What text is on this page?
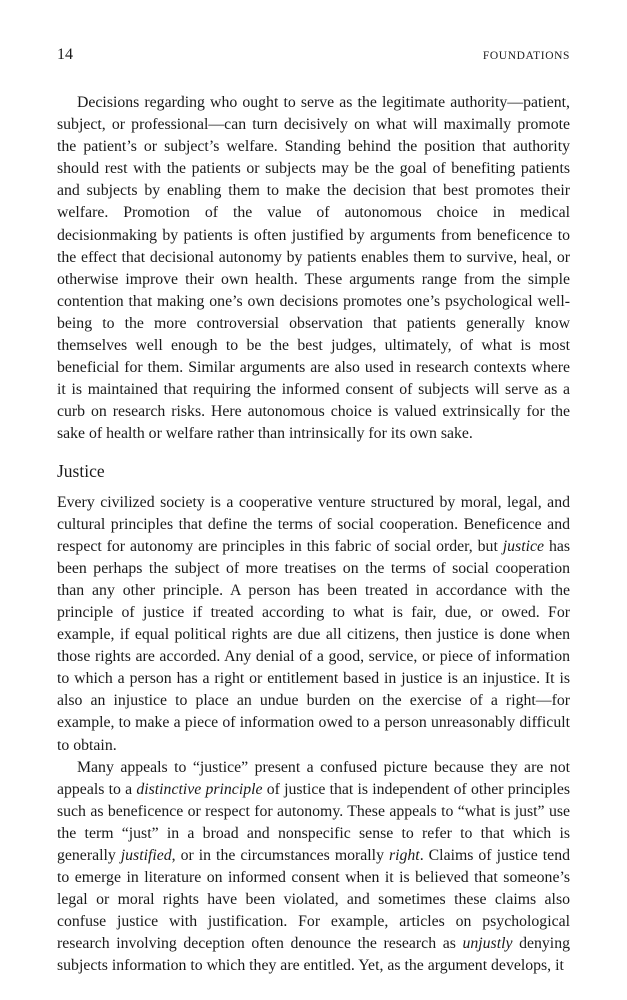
14	FOUNDATIONS

Decisions regarding who ought to serve as the legitimate authority—patient, subject, or professional—can turn decisively on what will maximally promote the patient’s or subject’s welfare. Standing behind the position that authority should rest with the patients or subjects may be the goal of benefiting patients and subjects by enabling them to make the decision that best promotes their welfare. Promotion of the value of autonomous choice in medical decisionmaking by patients is often justified by arguments from beneficence to the effect that decisional autonomy by patients enables them to survive, heal, or otherwise improve their own health. These arguments range from the simple contention that making one’s own decisions promotes one’s psychological well-being to the more controversial observation that patients generally know themselves well enough to be the best judges, ultimately, of what is most beneficial for them. Similar arguments are also used in research contexts where it is maintained that requiring the informed consent of subjects will serve as a curb on research risks. Here autonomous choice is valued extrinsically for the sake of health or welfare rather than intrinsically for its own sake.

Justice

Every civilized society is a cooperative venture structured by moral, legal, and cultural principles that define the terms of social cooperation. Beneficence and respect for autonomy are principles in this fabric of social order, but justice has been perhaps the subject of more treatises on the terms of social cooperation than any other principle. A person has been treated in accordance with the principle of justice if treated according to what is fair, due, or owed. For example, if equal political rights are due all citizens, then justice is done when those rights are accorded. Any denial of a good, service, or piece of information to which a person has a right or entitlement based in justice is an injustice. It is also an injustice to place an undue burden on the exercise of a right—for example, to make a piece of information owed to a person unreasonably difficult to obtain.

Many appeals to “justice” present a confused picture because they are not appeals to a distinctive principle of justice that is independent of other principles such as beneficence or respect for autonomy. These appeals to “what is just” use the term “just” in a broad and nonspecific sense to refer to that which is generally justified, or in the circumstances morally right. Claims of justice tend to emerge in literature on informed consent when it is believed that someone’s legal or moral rights have been violated, and sometimes these claims also confuse justice with justification. For example, articles on psychological research involving deception often denounce the research as unjustly denying subjects information to which they are entitled. Yet, as the argument develops, it
